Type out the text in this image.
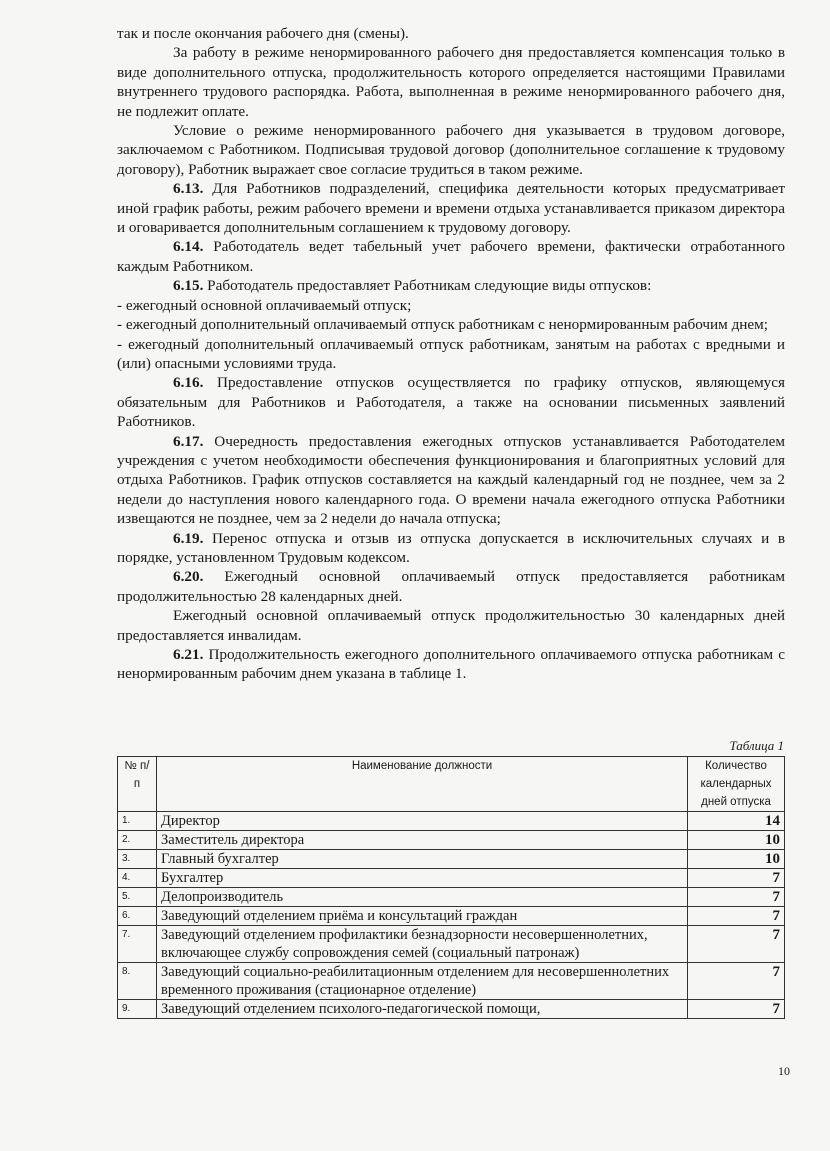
так и после окончания рабочего дня (смены).

За работу в режиме ненормированного рабочего дня предоставляется компенсация только в виде дополнительного отпуска, продолжительность которого определяется настоящими Правилами внутреннего трудового распорядка. Работа, выполненная в режиме ненормированного рабочего дня, не подлежит оплате.

Условие о режиме ненормированного рабочего дня указывается в трудовом договоре, заключаемом с Работником. Подписывая трудовой договор (дополнительное соглашение к трудовому договору), Работник выражает свое согласие трудиться в таком режиме.

6.13. Для Работников подразделений, специфика деятельности которых предусматривает иной график работы, режим рабочего времени и времени отдыха устанавливается приказом директора и оговаривается дополнительным соглашением к трудовому договору.

6.14. Работодатель ведет табельный учет рабочего времени, фактически отработанного каждым Работником.

6.15. Работодатель предоставляет Работникам следующие виды отпусков:

- ежегодный основной оплачиваемый отпуск;

- ежегодный дополнительный оплачиваемый отпуск работникам с ненормированным рабочим днем;

- ежегодный дополнительный оплачиваемый отпуск работникам, занятым на работах с вредными и (или) опасными условиями труда.

6.16. Предоставление отпусков осуществляется по графику отпусков, являющемуся обязательным для Работников и Работодателя, а также на основании письменных заявлений Работников.

6.17. Очередность предоставления ежегодных отпусков устанавливается Работодателем учреждения с учетом необходимости обеспечения функционирования и благоприятных условий для отдыха Работников. График отпусков составляется на каждый календарный год не позднее, чем за 2 недели до наступления нового календарного года. О времени начала ежегодного отпуска Работники извещаются не позднее, чем за 2 недели до начала отпуска;

6.19. Перенос отпуска и отзыв из отпуска допускается в исключительных случаях и в порядке, установленном Трудовым кодексом.

6.20. Ежегодный основной оплачиваемый отпуск предоставляется работникам продолжительностью 28 календарных дней.

Ежегодный основной оплачиваемый отпуск продолжительностью 30 календарных дней предоставляется инвалидам.

6.21. Продолжительность ежегодного дополнительного оплачиваемого отпуска работникам с ненормированным рабочим днем указана в таблице 1.

Таблица 1
№ п/п	Наименование должности	Количество календарных дней отпуска
1.	Директор	14
2.	Заместитель директора	10
3.	Главный бухгалтер	10
4.	Бухгалтер	7
5.	Делопроизводитель	7
6.	Заведующий отделением приёма и консультаций граждан	7
7.	Заведующий отделением профилактики безнадзорности несовершеннолетних, включающее службу сопровождения семей (социальный патронаж)	7
8.	Заведующий социально-реабилитационным отделением для несовершеннолетних временного проживания (стационарное отделение)	7
9.	Заведующий отделением психолого-педагогической помощи,	7
10
